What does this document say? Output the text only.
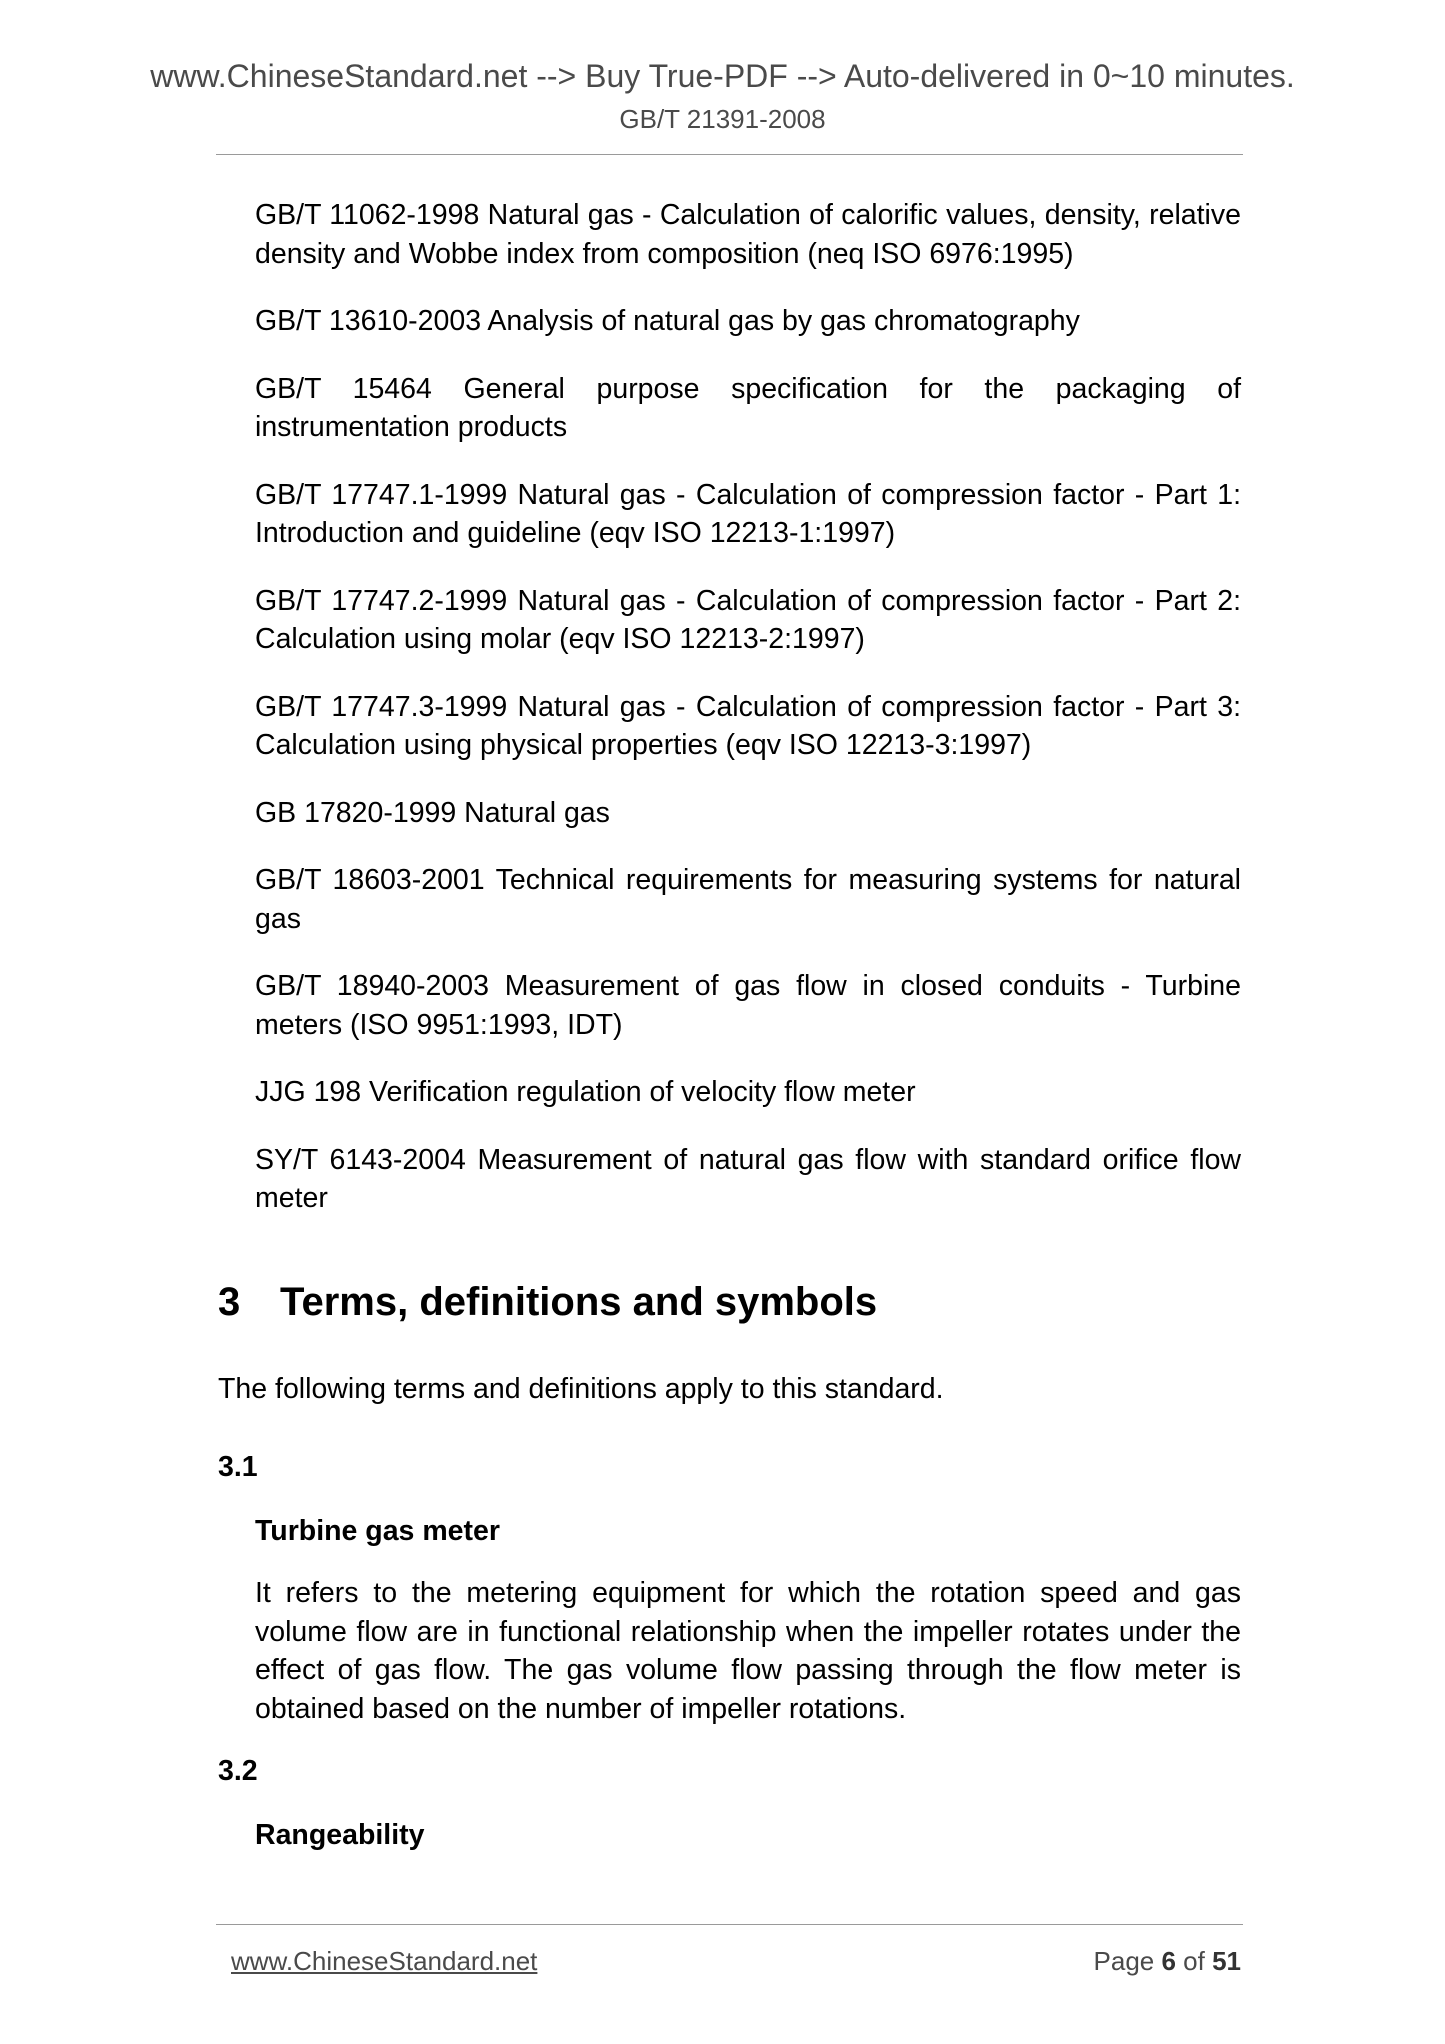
www.ChineseStandard.net --> Buy True-PDF --> Auto-delivered in 0~10 minutes.
GB/T 21391-2008

GB/T 11062-1998 Natural gas - Calculation of calorific values, density, relative density and Wobbe index from composition (neq ISO 6976:1995)

GB/T 13610-2003 Analysis of natural gas by gas chromatography

GB/T 15464 General purpose specification for the packaging of instrumentation products

GB/T 17747.1-1999 Natural gas - Calculation of compression factor - Part 1: Introduction and guideline (eqv ISO 12213-1:1997)

GB/T 17747.2-1999 Natural gas - Calculation of compression factor - Part 2: Calculation using molar (eqv ISO 12213-2:1997)

GB/T 17747.3-1999 Natural gas - Calculation of compression factor - Part 3: Calculation using physical properties (eqv ISO 12213-3:1997)

GB 17820-1999 Natural gas

GB/T 18603-2001 Technical requirements for measuring systems for natural gas

GB/T 18940-2003 Measurement of gas flow in closed conduits - Turbine meters (ISO 9951:1993, IDT)

JJG 198 Verification regulation of velocity flow meter

SY/T 6143-2004 Measurement of natural gas flow with standard orifice flow meter

3 Terms, definitions and symbols
The following terms and definitions apply to this standard.
3.1
Turbine gas meter
It refers to the metering equipment for which the rotation speed and gas volume flow are in functional relationship when the impeller rotates under the effect of gas flow. The gas volume flow passing through the flow meter is obtained based on the number of impeller rotations.
3.2
Rangeability
www.ChineseStandard.net	Page 6 of 51
